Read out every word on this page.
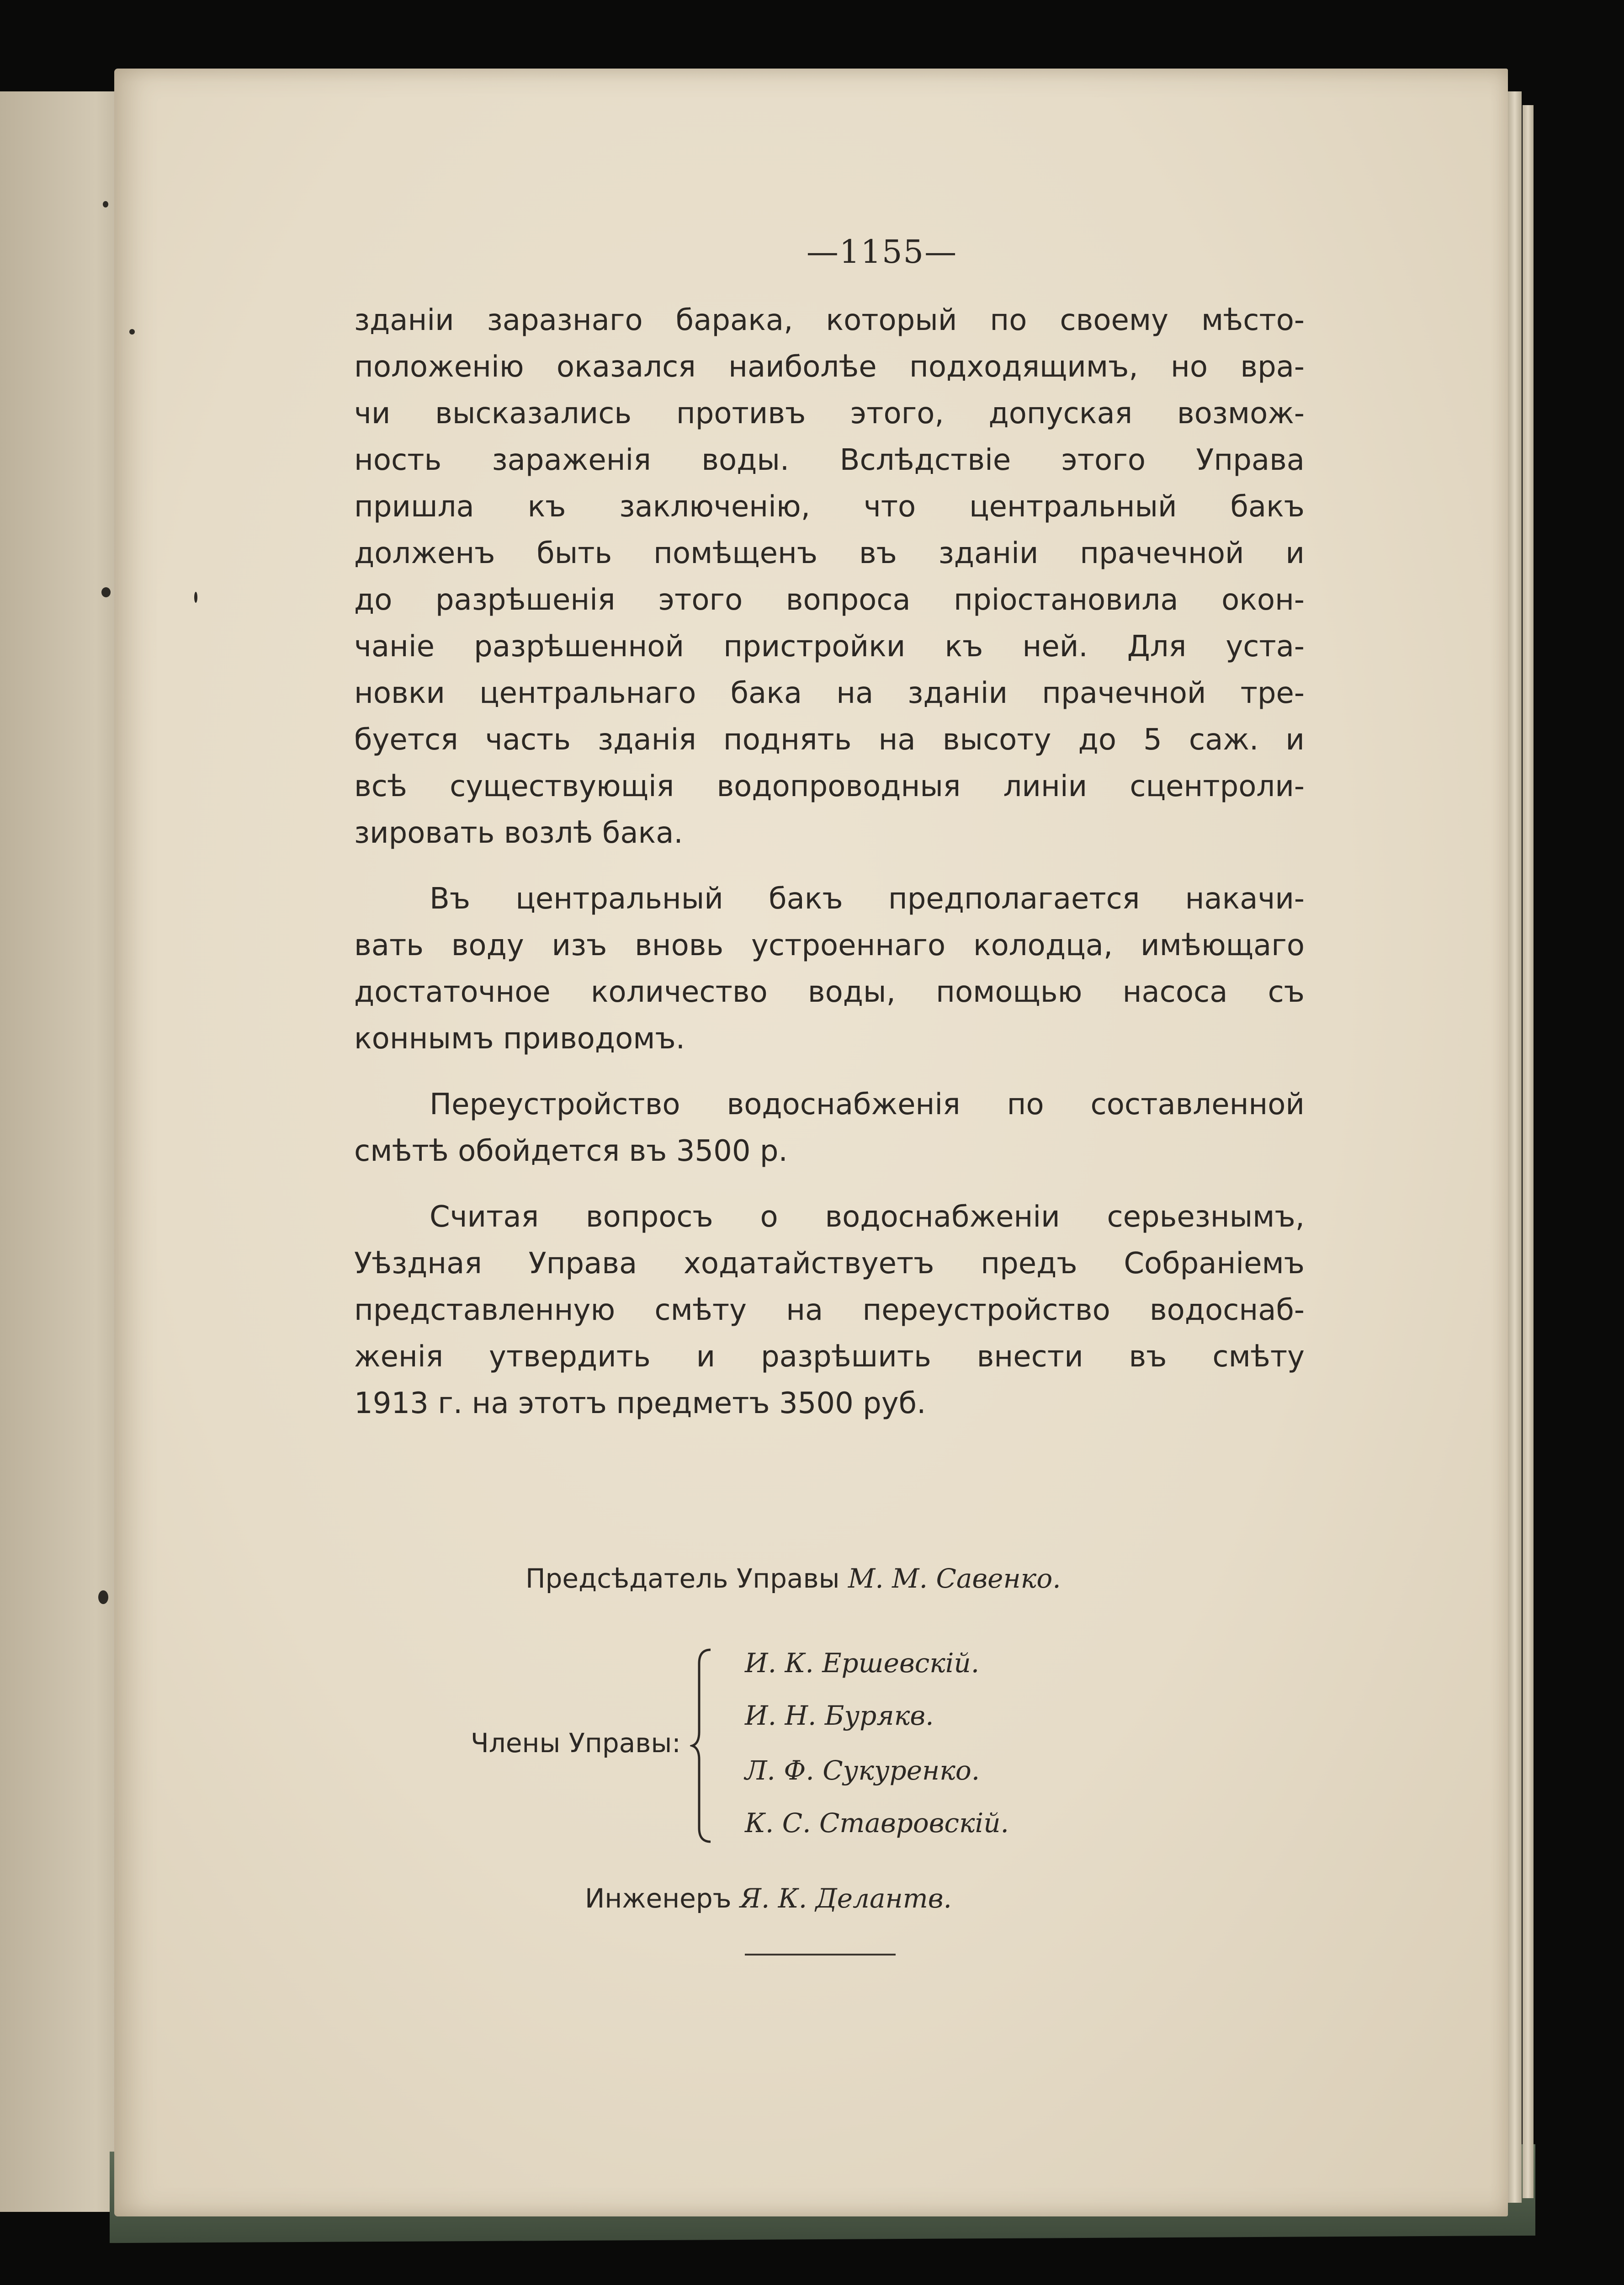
—1155—
зданіи заразнаго барака, который по своему мѣсто-
положенію оказался наиболѣе подходящимъ, но вра-
чи высказались противъ этого, допуская возмож-
ность зараженія воды. Вслѣдствіе этого Управа
пришла къ заключенію, что центральный бакъ
долженъ быть помѣщенъ въ зданіи прачечной и
до разрѣшенія этого вопроса пріостановила окон-
чаніе разрѣшенной пристройки къ ней. Для уста-
новки центральнаго бака на зданіи прачечной тре-
буется часть зданія поднять на высоту до 5 саж. и
всѣ существующія водопроводныя линіи сцентроли-
зировать возлѣ бака.
Въ центральный бакъ предполагается накачи-
вать воду изъ вновь устроеннаго колодца, имѣющаго
достаточное количество воды, помощью насоса съ
коннымъ приводомъ.
Переустройство водоснабженія по составленной
смѣтѣ обойдется въ 3500 р.
Считая вопросъ о водоснабженіи серьезнымъ,
Уѣздная Управа ходатайствуетъ предъ Собраніемъ
представленную смѣту на переустройство водоснаб-
женія утвердить и разрѣшить внести въ смѣту
1913 г. на этотъ предметъ 3500 руб.
Предсѣдатель Управы М. М. Савенко.
Члены Управы:
И. К. Ершевскій.
И. Н. Бурякв.
Л. Ф. Сукуренко.
К. С. Ставровскій.
Инженеръ Я. К. Делантв.
